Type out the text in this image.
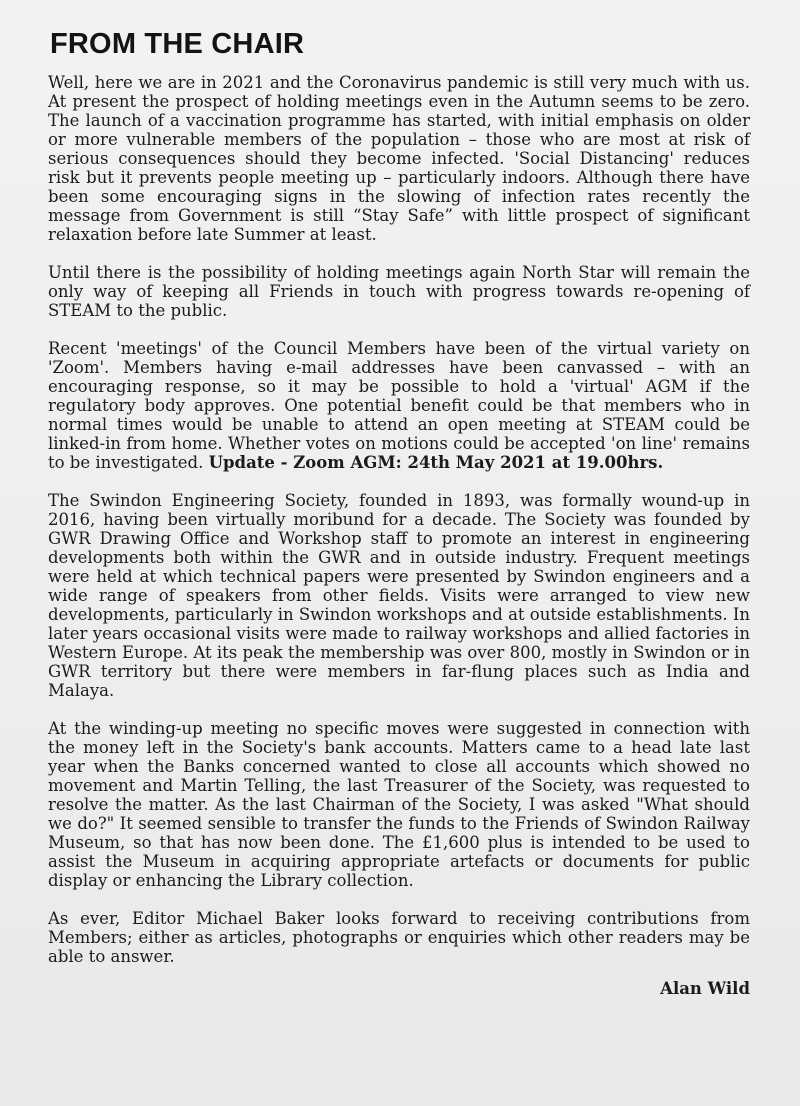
FROM THE CHAIR

Well, here we are in 2021 and the Coronavirus pandemic is still very much with us. At present the prospect of holding meetings even in the Autumn seems to be zero. The launch of a vaccination programme has started, with initial emphasis on older or more vulnerable members of the population – those who are most at risk of serious consequences should they become infected. 'Social Distancing' reduces risk but it prevents people meeting up – particularly indoors. Although there have been some encouraging signs in the slowing of infection rates recently the message from Government is still “Stay Safe” with little prospect of significant relaxation before late Summer at least.

Until there is the possibility of holding meetings again North Star will remain the only way of keeping all Friends in touch with progress towards re-opening of STEAM to the public.

Recent 'meetings' of the Council Members have been of the virtual variety on 'Zoom'. Members having e-mail addresses have been canvassed – with an encouraging response, so it may be possible to hold a 'virtual' AGM if the regulatory body approves. One potential benefit could be that members who in normal times would be unable to attend an open meeting at STEAM could be linked-in from home. Whether votes on motions could be accepted 'on line' remains to be investigated. Update - Zoom AGM: 24th May 2021 at 19.00hrs.

The Swindon Engineering Society, founded in 1893, was formally wound-up in 2016, having been virtually moribund for a decade. The Society was founded by GWR Drawing Office and Workshop staff to promote an interest in engineering developments both within the GWR and in outside industry. Frequent meetings were held at which technical papers were presented by Swindon engineers and a wide range of speakers from other fields. Visits were arranged to view new developments, particularly in Swindon workshops and at outside establishments. In later years occasional visits were made to railway workshops and allied factories in Western Europe. At its peak the membership was over 800, mostly in Swindon or in GWR territory but there were members in far-flung places such as India and Malaya.

At the winding-up meeting no specific moves were suggested in connection with the money left in the Society's bank accounts. Matters came to a head late last year when the Banks concerned wanted to close all accounts which showed no movement and Martin Telling, the last Treasurer of the Society, was requested to resolve the matter. As the last Chairman of the Society, I was asked "What should we do?" It seemed sensible to transfer the funds to the Friends of Swindon Railway Museum, so that has now been done. The £1,600 plus is intended to be used to assist the Museum in acquiring appropriate artefacts or documents for public display or enhancing the Library collection.

As ever, Editor Michael Baker looks forward to receiving contributions from Members; either as articles, photographs or enquiries which other readers may be able to answer.

Alan Wild
